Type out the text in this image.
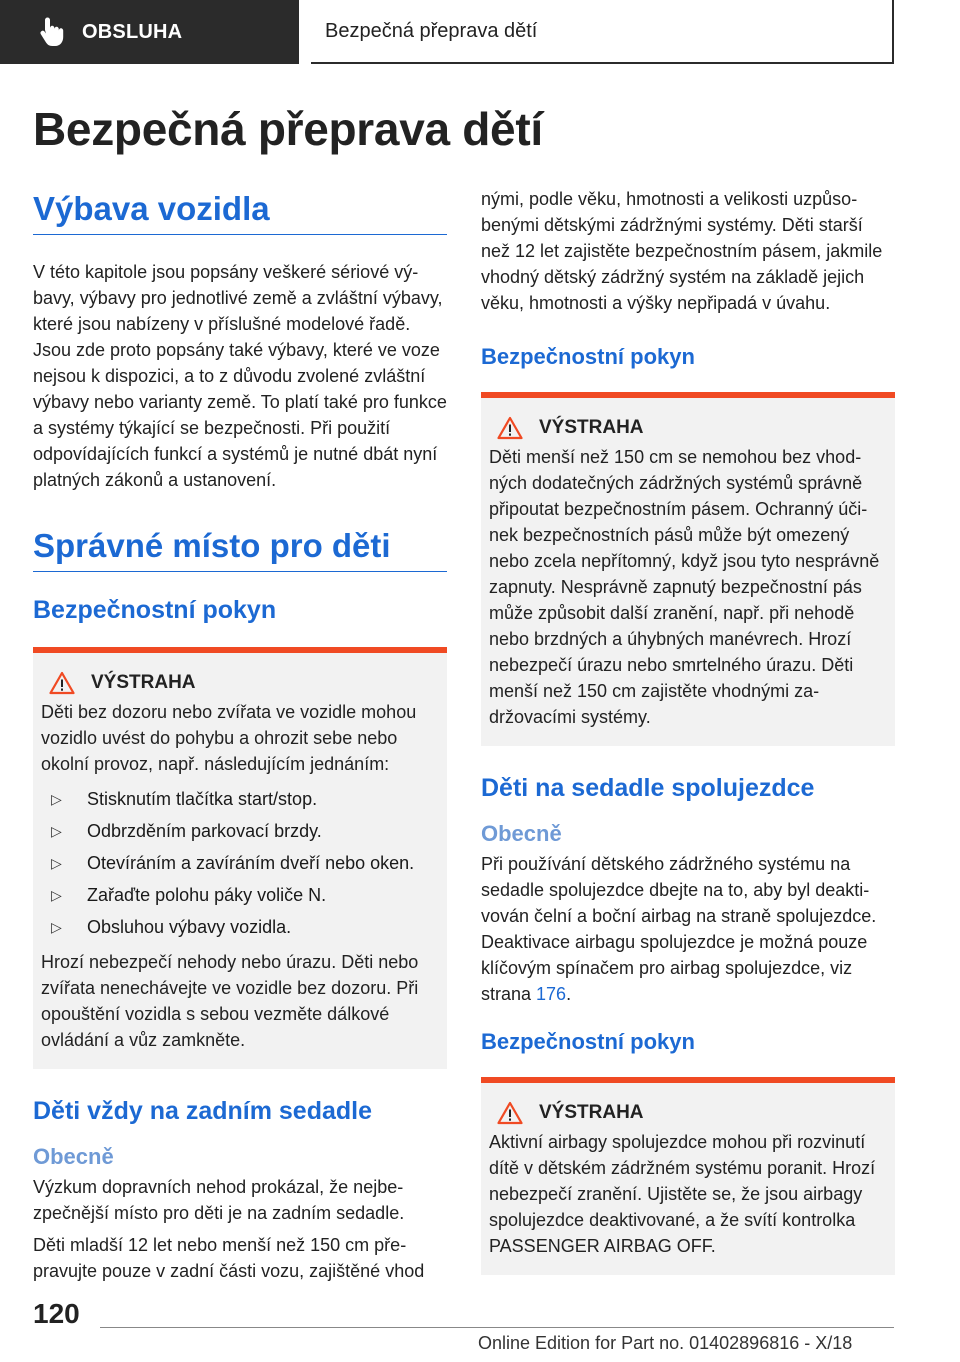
OBSLUHA	Bezpečná přeprava dětí
Bezpečná přeprava dětí
Výbava vozidla

V této kapitole jsou popsány veškeré sériové výbavy, výbavy pro jednotlivé země a zvláštní výbavy, které jsou nabízeny v příslušné modelové řadě. Jsou zde proto popsány také výbavy, které ve voze nejsou k dispozici, a to z důvodu zvolené zvláštní výbavy nebo varianty země. To platí také pro funkce a systémy týkající se bezpečnosti. Při použití odpovídajících funkcí a systémů je nutné dbát nyní platných zákonů a ustanovení.

Správné místo pro děti
Bezpečnostní pokyn
VÝSTRAHA

Děti bez dozoru nebo zvířata ve vozidle mohou vozidlo uvést do pohybu a ohrozit sebe nebo okolní provoz, např. následujícím jednáním:

▷	Stisknutím tlačítka start/stop.
▷	Odbrzděním parkovací brzdy.
▷	Otevíráním a zavíráním dveří nebo oken.
▷	Zařaďte polohu páky voliče N.
▷	Obsluhou výbavy vozidla.

Hrozí nebezpečí nehody nebo úrazu. Děti nebo zvířata nenechávejte ve vozidle bez dozoru. Při opouštění vozidla s sebou vezměte dálkové ovládání a vůz zamkněte.

Děti vždy na zadním sedadle
Obecně

Výzkum dopravních nehod prokázal, že nejbezpečnější místo pro děti je na zadním sedadle.

Děti mladší 12 let nebo menší než 150 cm přepravujte pouze v zadní části vozu, zajištěné vhod

nými, podle věku, hmotnosti a velikosti uzpůsobenými dětskými zádržnými systémy. Děti starší než 12 let zajistěte bezpečnostním pásem, jakmile vhodný dětský zádržný systém na základě jejich věku, hmotnosti a výšky nepřipadá v úvahu.

Bezpečnostní pokyn
VÝSTRAHA

Děti menší než 150 cm se nemohou bez vhodných dodatečných zádržných systémů správně připoutat bezpečnostním pásem. Ochranný účinek bezpečnostních pásů může být omezený nebo zcela nepřítomný, když jsou tyto nesprávně zapnuty. Nesprávně zapnutý bezpečnostní pás může způsobit další zranění, např. při nehodě nebo brzdných a úhybných manévrech. Hrozí nebezpečí úrazu nebo smrtelného úrazu. Děti menší než 150 cm zajistěte vhodnými zadržovacími systémy.

Děti na sedadle spolujezdce
Obecně

Při používání dětského zádržného systému na sedadle spolujezdce dbejte na to, aby byl deaktivován čelní a boční airbag na straně spolujezdce. Deaktivace airbagu spolujezdce je možná pouze klíčovým spínačem pro airbag spolujezdce, viz strana 176.

Bezpečnostní pokyn
VÝSTRAHA

Aktivní airbagy spolujezdce mohou při rozvinutí dítě v dětském zádržném systému poranit. Hrozí nebezpečí zranění. Ujistěte se, že jsou airbagy spolujezdce deaktivované, a že svítí kontrolka PASSENGER AIRBAG OFF.

120
Online Edition for Part no. 01402896816 - X/18
